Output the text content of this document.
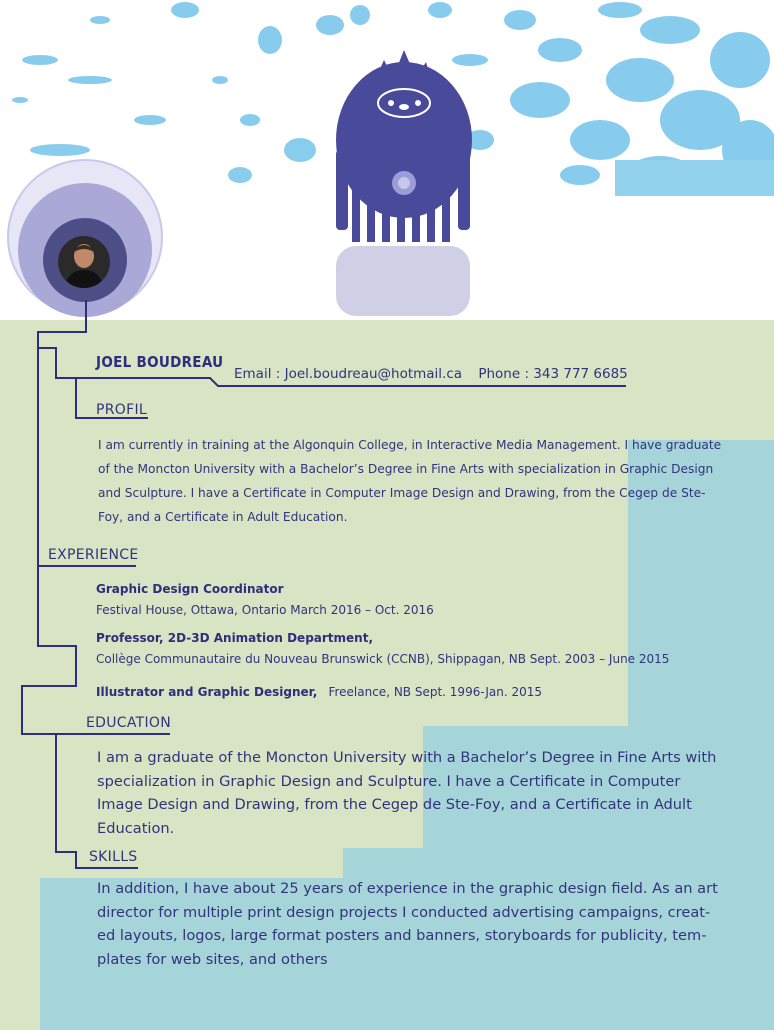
JOEL BOUDREAU
Email : Joel.boudreau@hotmail.ca Phone : 343 777 6685
PROFIL
I am currently in training at the Algonquin College, in Interactive Media Management. I have graduate
of the Moncton University with a Bachelor’s Degree in Fine Arts with specialization in Graphic Design
and Sculpture. I have a Certificate in Computer Image Design and Drawing, from the Cegep de Ste-
Foy, and a Certificate in Adult Education.
EXPERIENCE
Graphic Design Coordinator
Festival House, Ottawa, Ontario March 2016 – Oct. 2016
Professor, 2D-3D Animation Department,
Collège Communautaire du Nouveau Brunswick (CCNB), Shippagan, NB Sept. 2003 – June 2015
Illustrator and Graphic Designer, Freelance, NB Sept. 1996-Jan. 2015
EDUCATION
I am a graduate of the Moncton University with a Bachelor’s Degree in Fine Arts with
specialization in Graphic Design and Sculpture. I have a Certificate in Computer
Image Design and Drawing, from the Cegep de Ste-Foy, and a Certificate in Adult
Education.
SKILLS
In addition, I have about 25 years of experience in the graphic design field. As an art
director for multiple print design projects I conducted advertising campaigns, creat-
ed layouts, logos, large format posters and banners, storyboards for publicity, tem-
plates for web sites, and others
